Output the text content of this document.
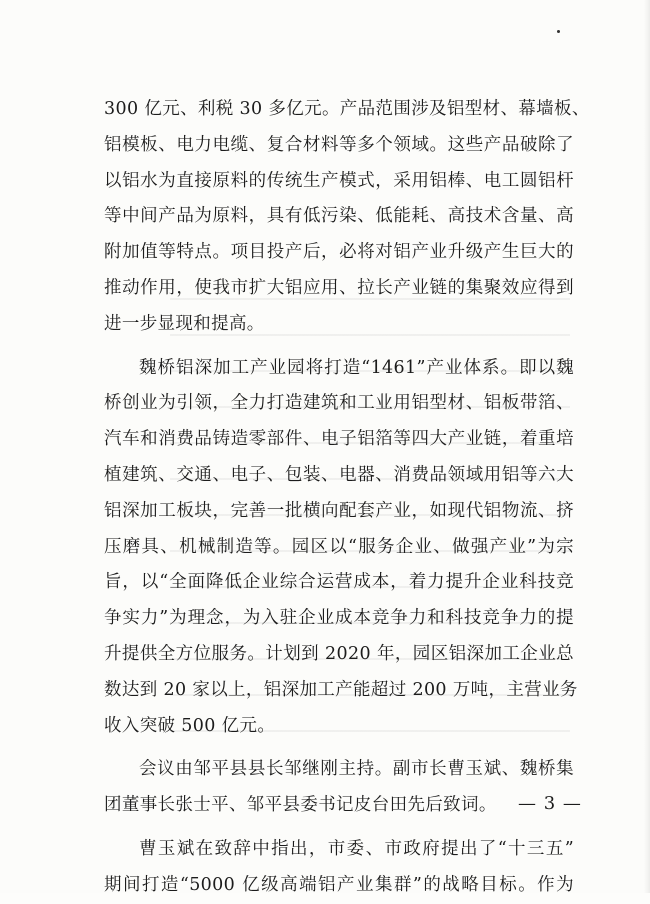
300 亿元、利税 30 多亿元。产品范围涉及铝型材、幕墙板、
铝模板、电力电缆、复合材料等多个领域。这些产品破除了
以铝水为直接原料的传统生产模式，采用铝棒、电工圆铝杆
等中间产品为原料，具有低污染、低能耗、高技术含量、高
附加值等特点。项目投产后，必将对铝产业升级产生巨大的
推动作用，使我市扩大铝应用、拉长产业链的集聚效应得到
进一步显现和提高。

魏桥铝深加工产业园将打造“1461”产业体系。即以魏
桥创业为引领，全力打造建筑和工业用铝型材、铝板带箔、
汽车和消费品铸造零部件、电子铝箔等四大产业链，着重培
植建筑、交通、电子、包装、电器、消费品领域用铝等六大
铝深加工板块，完善一批横向配套产业，如现代铝物流、挤
压磨具、机械制造等。园区以“服务企业、做强产业”为宗
旨，以“全面降低企业综合运营成本，着力提升企业科技竞
争实力”为理念，为入驻企业成本竞争力和科技竞争力的提
升提供全方位服务。计划到 2020 年，园区铝深加工企业总
数达到 20 家以上，铝深加工产能超过 200 万吨，主营业务
收入突破 500 亿元。

会议由邹平县县长邹继刚主持。副市长曹玉斌、魏桥集
团董事长张士平、邹平县委书记皮台田先后致词。

曹玉斌在致辞中指出，市委、市政府提出了“十三五”
期间打造“5000 亿级高端铝产业集群”的战略目标。作为

— 3 —
